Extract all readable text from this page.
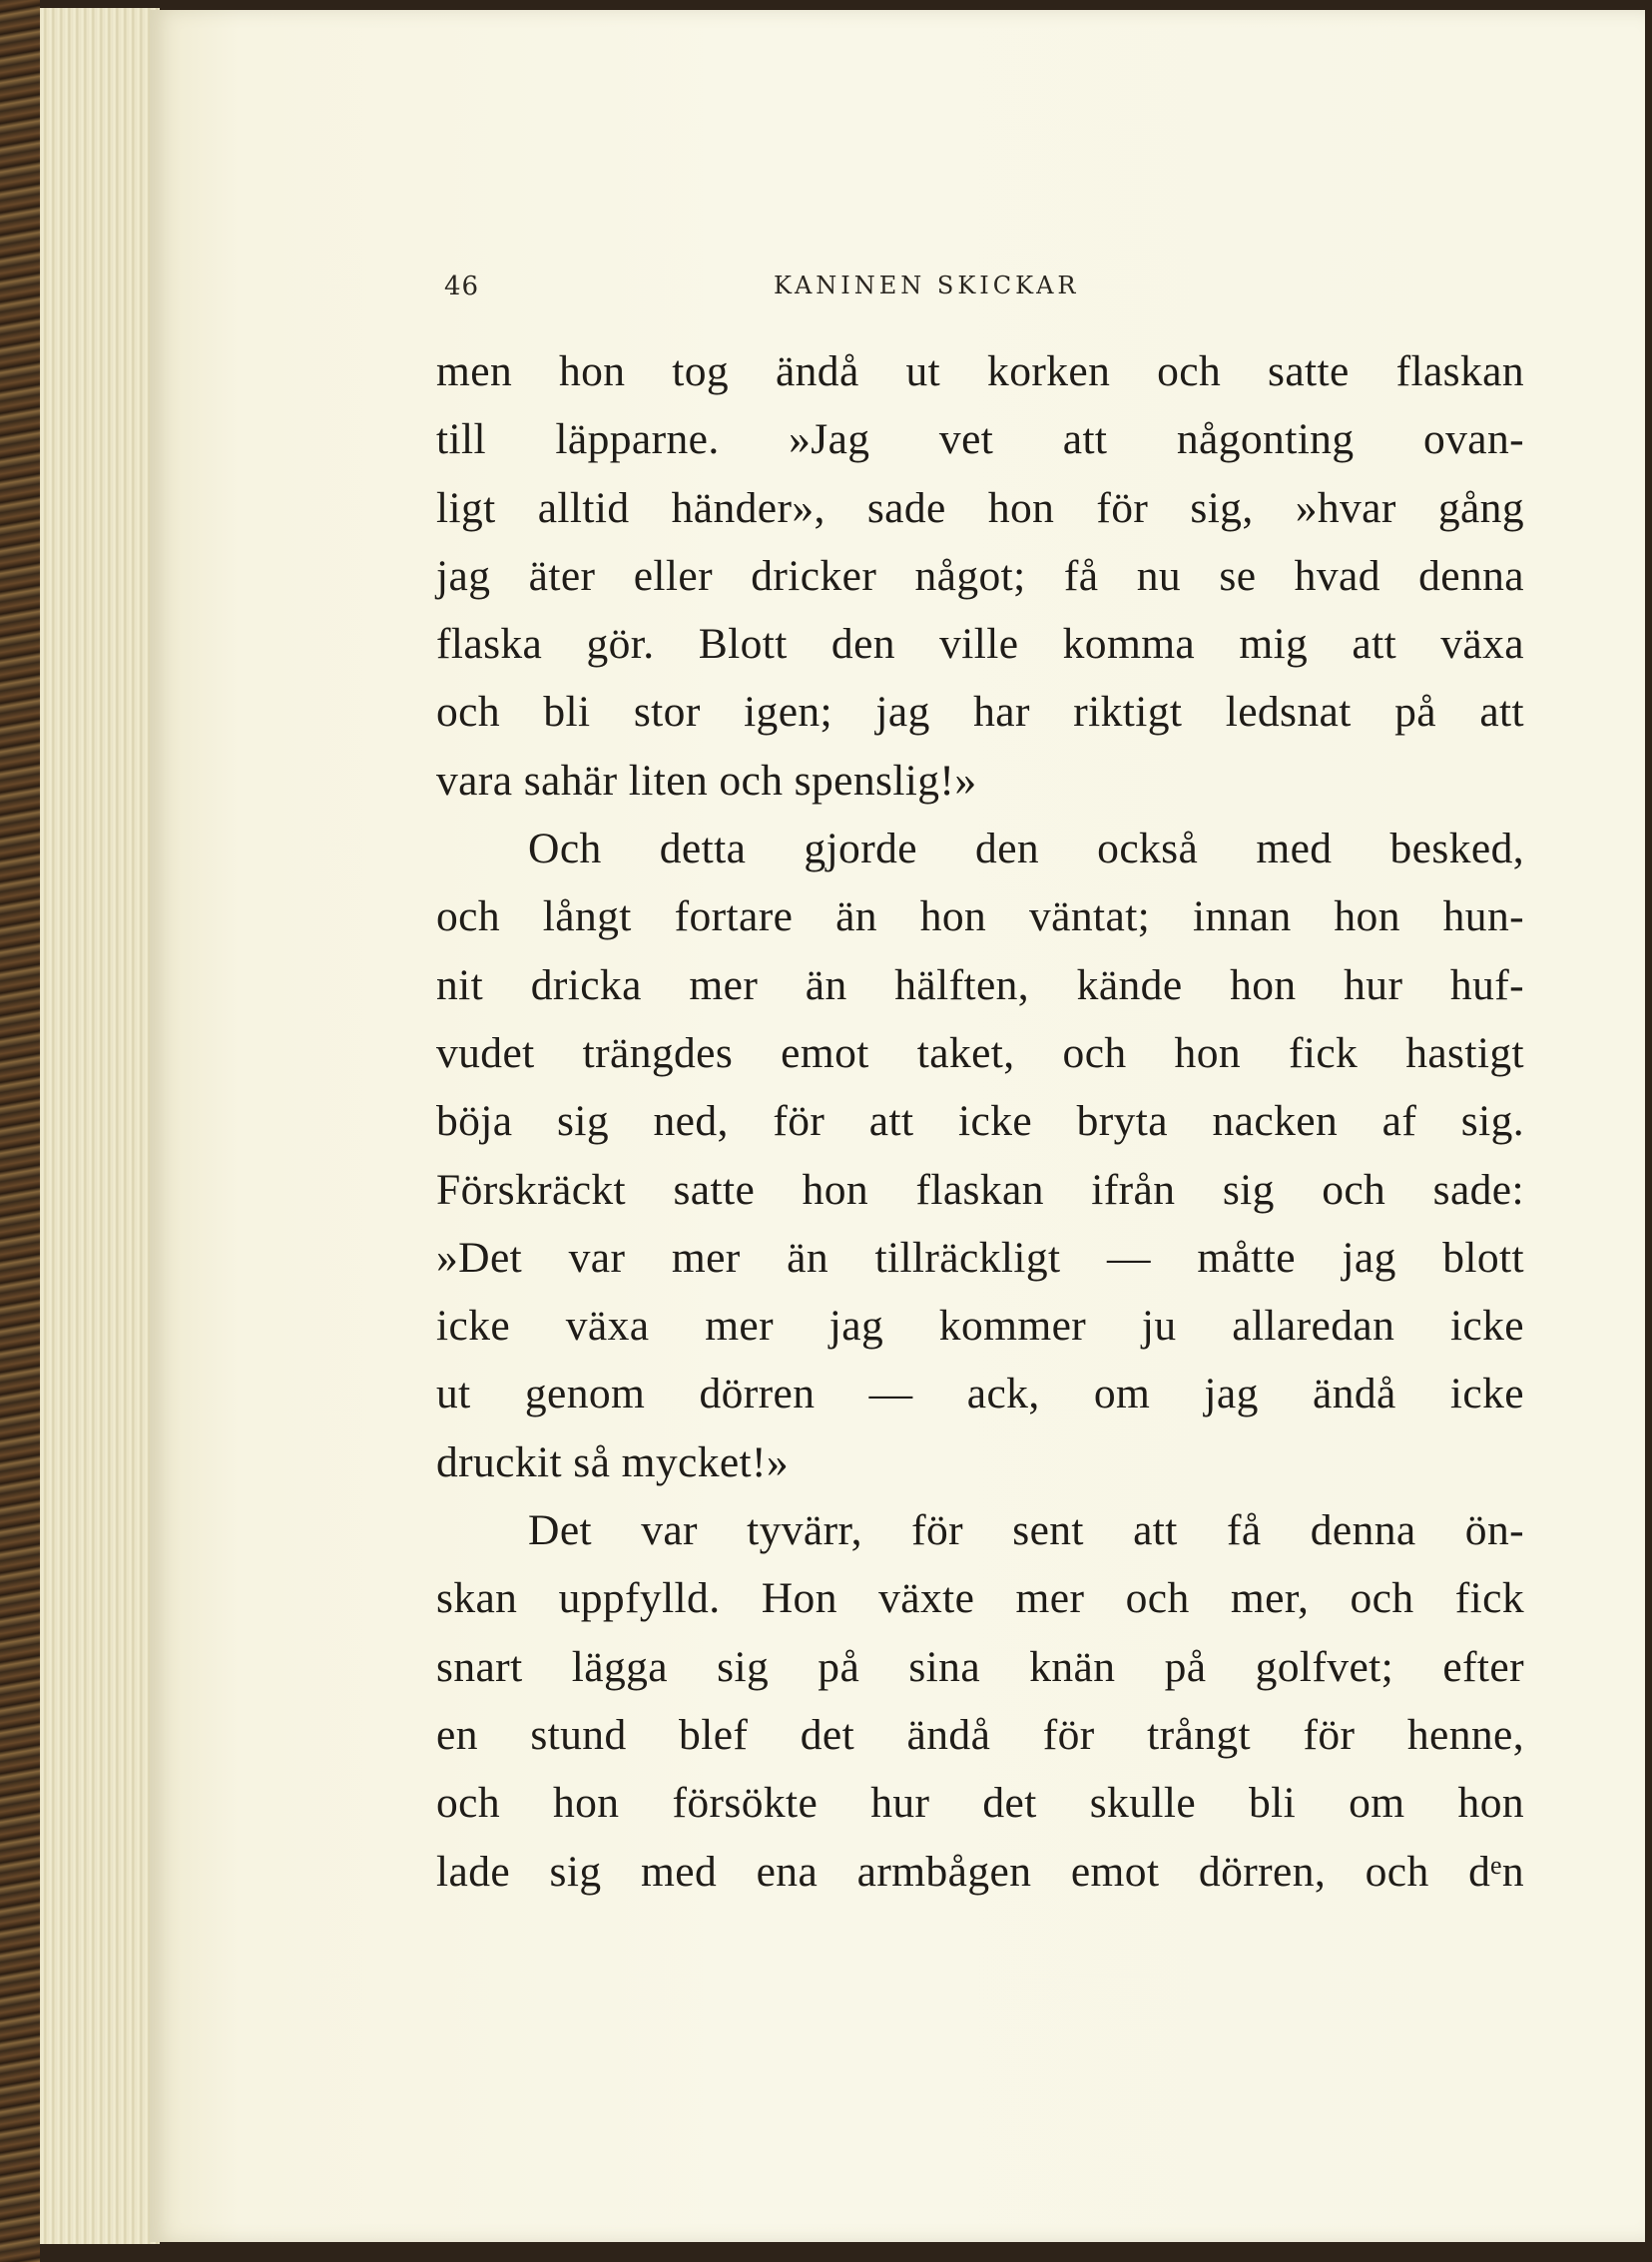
46	KANINEN SKICKAR
men hon tog ändå ut korken och satte flaskan
till läpparne. »Jag vet att någonting ovan-
ligt alltid händer», sade hon för sig, »hvar gång
jag äter eller dricker något; få nu se hvad denna
flaska gör. Blott den ville komma mig att växa
och bli stor igen; jag har riktigt ledsnat på att
vara sahär liten och spenslig!»
Och detta gjorde den också med besked,
och långt fortare än hon väntat; innan hon hun-
nit dricka mer än hälften, kände hon hur huf-
vudet trängdes emot taket, och hon fick hastigt
böja sig ned, för att icke bryta nacken af sig.
Förskräckt satte hon flaskan ifrån sig och sade:
»Det var mer än tillräckligt — måtte jag blott
icke växa mer jag kommer ju allaredan icke
ut genom dörren — ack, om jag ändå icke
druckit så mycket!»
Det var tyvärr, för sent att få denna ön-
skan uppfylld. Hon växte mer och mer, och fick
snart lägga sig på sina knän på golfvet; efter
en stund blef det ändå för trångt för henne,
och hon försökte hur det skulle bli om hon
lade sig med ena armbågen emot dörren, och dᵉn
